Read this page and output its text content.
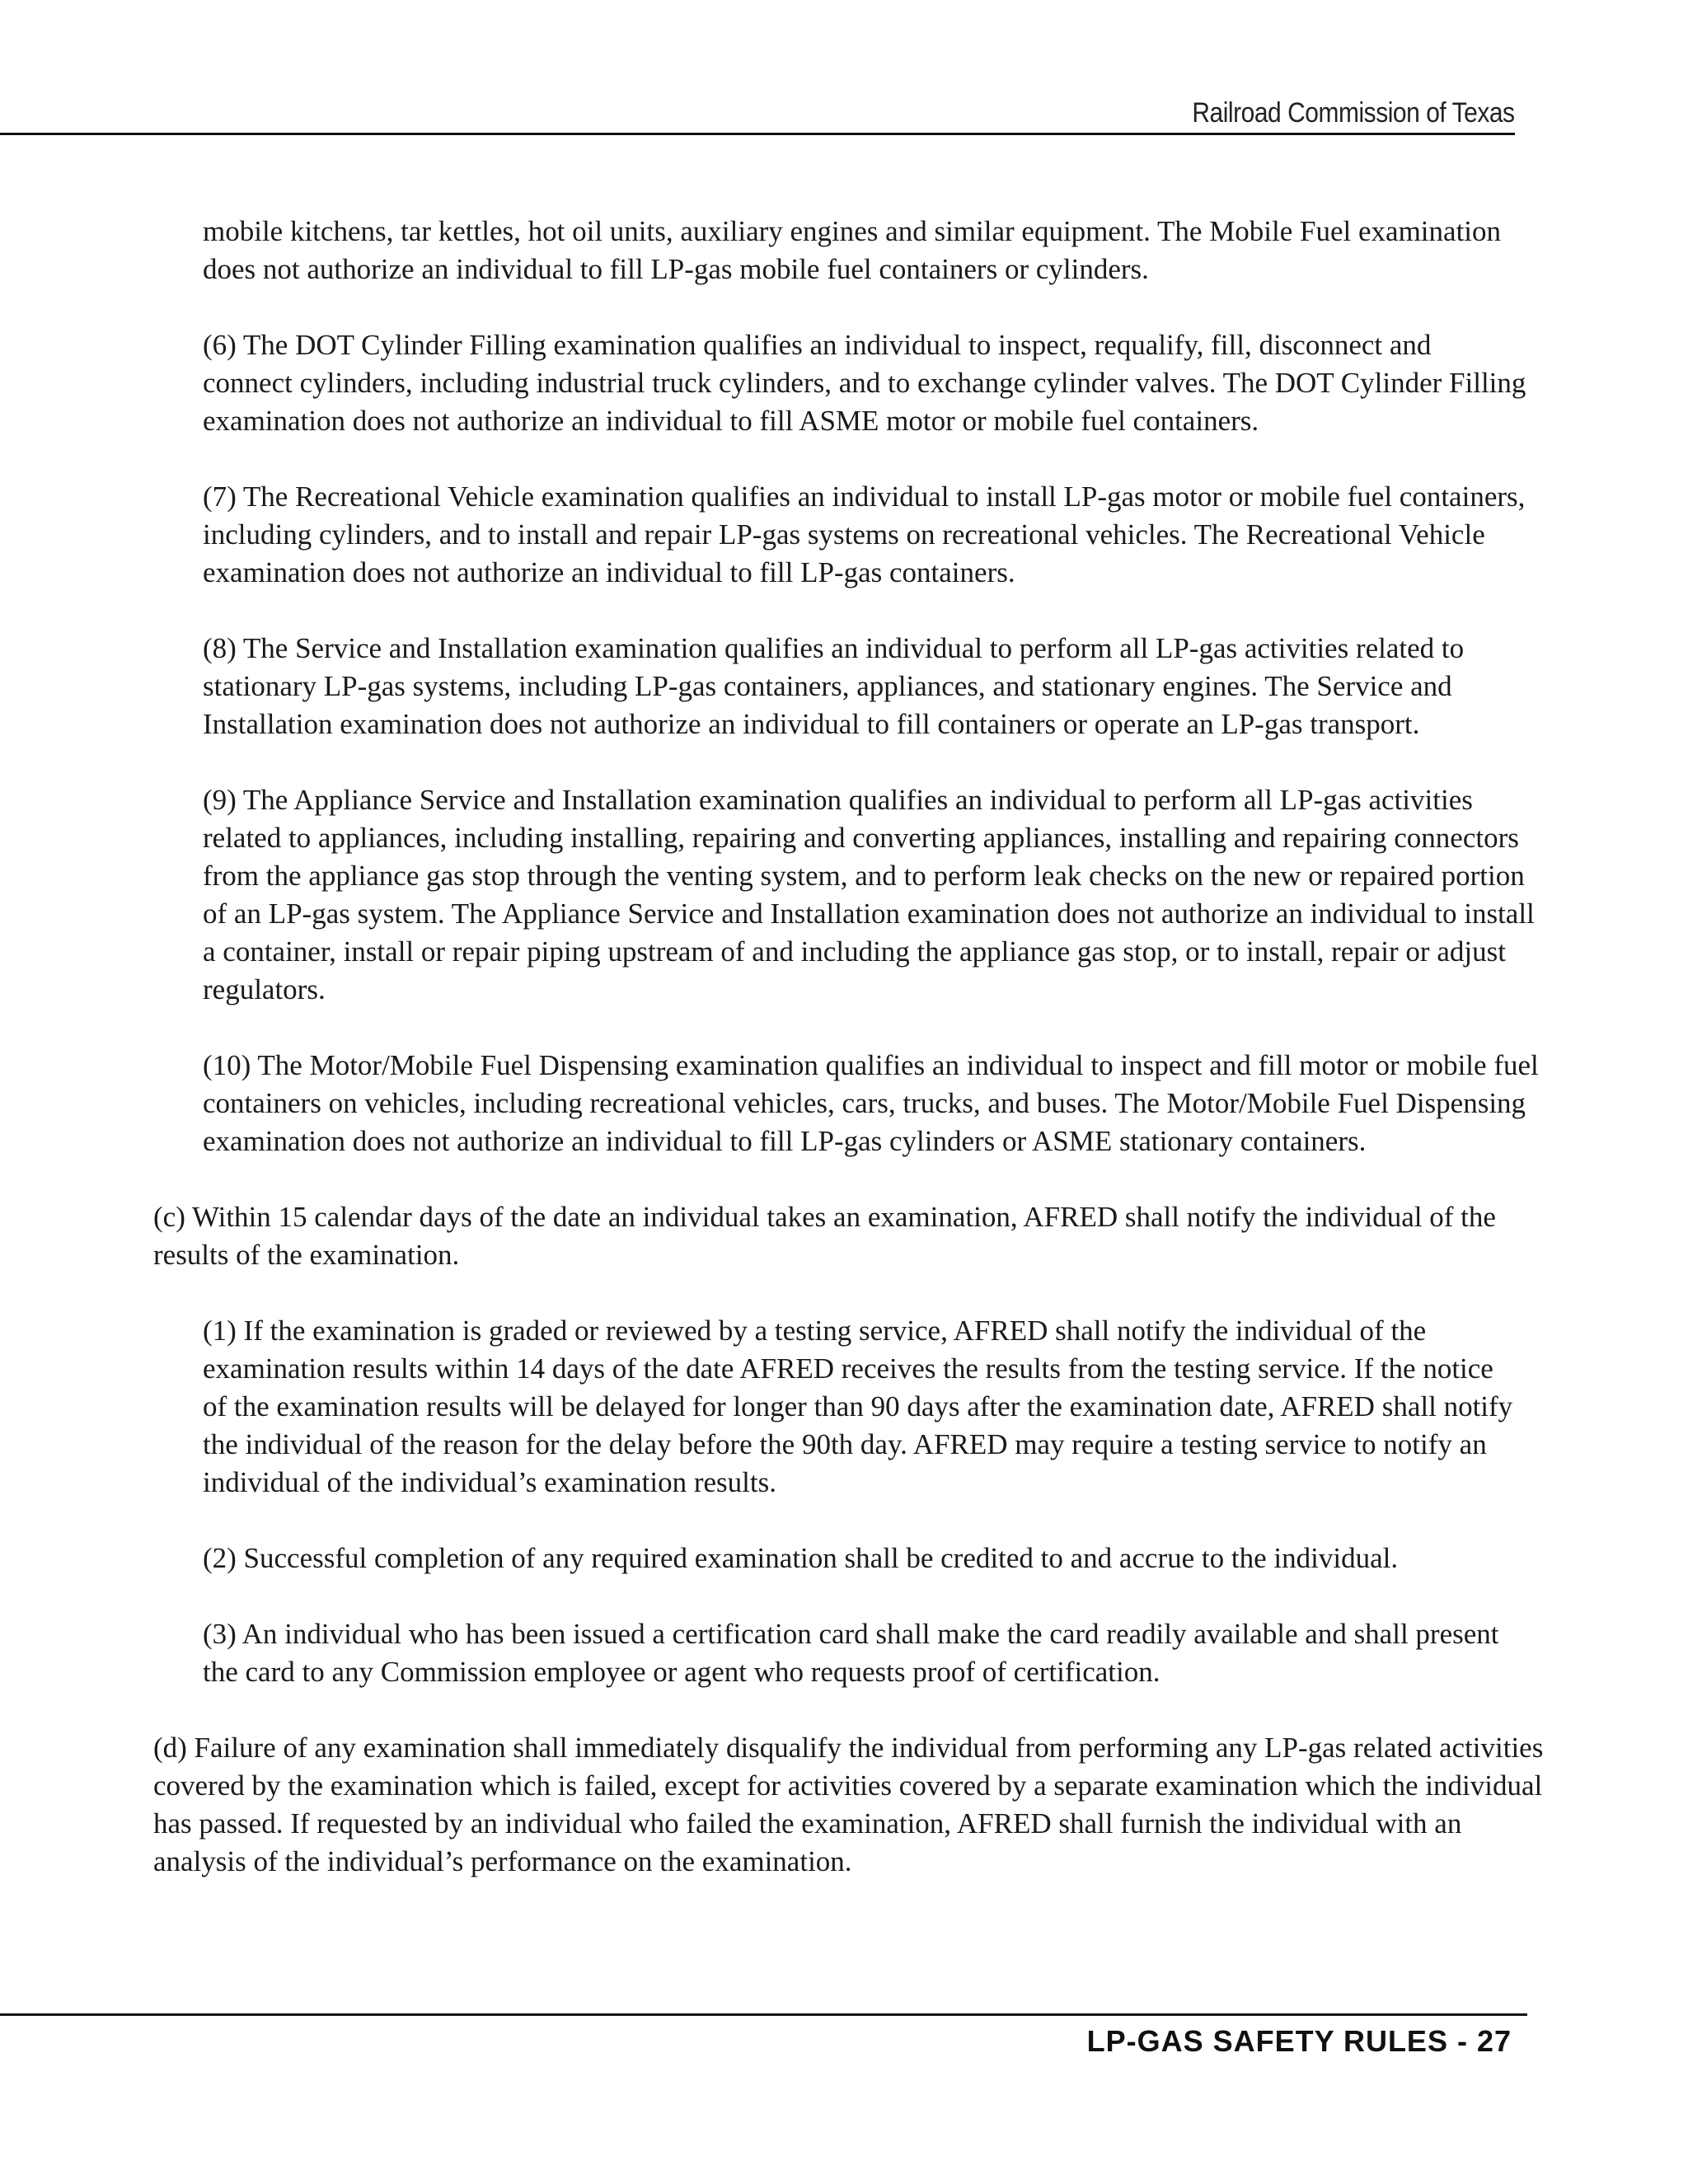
Railroad Commission of Texas
mobile kitchens, tar kettles, hot oil units, auxiliary engines and similar equipment. The Mobile Fuel examination
does not authorize an individual to fill LP-gas mobile fuel containers or cylinders.
(6) The DOT Cylinder Filling examination qualifies an individual to inspect, requalify, fill, disconnect and
connect cylinders, including industrial truck cylinders, and to exchange cylinder valves. The DOT Cylinder Filling
examination does not authorize an individual to fill ASME motor or mobile fuel containers.
(7) The Recreational Vehicle examination qualifies an individual to install LP-gas motor or mobile fuel containers,
including cylinders, and to install and repair LP-gas systems on recreational vehicles. The Recreational Vehicle
examination does not authorize an individual to fill LP-gas containers.
(8) The Service and Installation examination qualifies an individual to perform all LP-gas activities related to
stationary LP-gas systems, including LP-gas containers, appliances, and stationary engines. The Service and
Installation examination does not authorize an individual to fill containers or operate an LP-gas transport.
(9) The Appliance Service and Installation examination qualifies an individual to perform all LP-gas activities
related to appliances, including installing, repairing and converting appliances, installing and repairing connectors
from the appliance gas stop through the venting system, and to perform leak checks on the new or repaired portion
of an LP-gas system. The Appliance Service and Installation examination does not authorize an individual to install
a container, install or repair piping upstream of and including the appliance gas stop, or to install, repair or adjust
regulators.
(10) The Motor/Mobile Fuel Dispensing examination qualifies an individual to inspect and fill motor or mobile fuel
containers on vehicles, including recreational vehicles, cars, trucks, and buses. The Motor/Mobile Fuel Dispensing
examination does not authorize an individual to fill LP-gas cylinders or ASME stationary containers.
(c) Within 15 calendar days of the date an individual takes an examination, AFRED shall notify the individual of the
results of the examination.
(1) If the examination is graded or reviewed by a testing service, AFRED shall notify the individual of the
examination results within 14 days of the date AFRED receives the results from the testing service. If the notice
of the examination results will be delayed for longer than 90 days after the examination date, AFRED shall notify
the individual of the reason for the delay before the 90th day. AFRED may require a testing service to notify an
individual of the individual’s examination results.
(2) Successful completion of any required examination shall be credited to and accrue to the individual.
(3) An individual who has been issued a certification card shall make the card readily available and shall present
the card to any Commission employee or agent who requests proof of certification.
(d) Failure of any examination shall immediately disqualify the individual from performing any LP-gas related activities
covered by the examination which is failed, except for activities covered by a separate examination which the individual
has passed. If requested by an individual who failed the examination, AFRED shall furnish the individual with an
analysis of the individual’s performance on the examination.
LP-GAS SAFETY RULES - 27
